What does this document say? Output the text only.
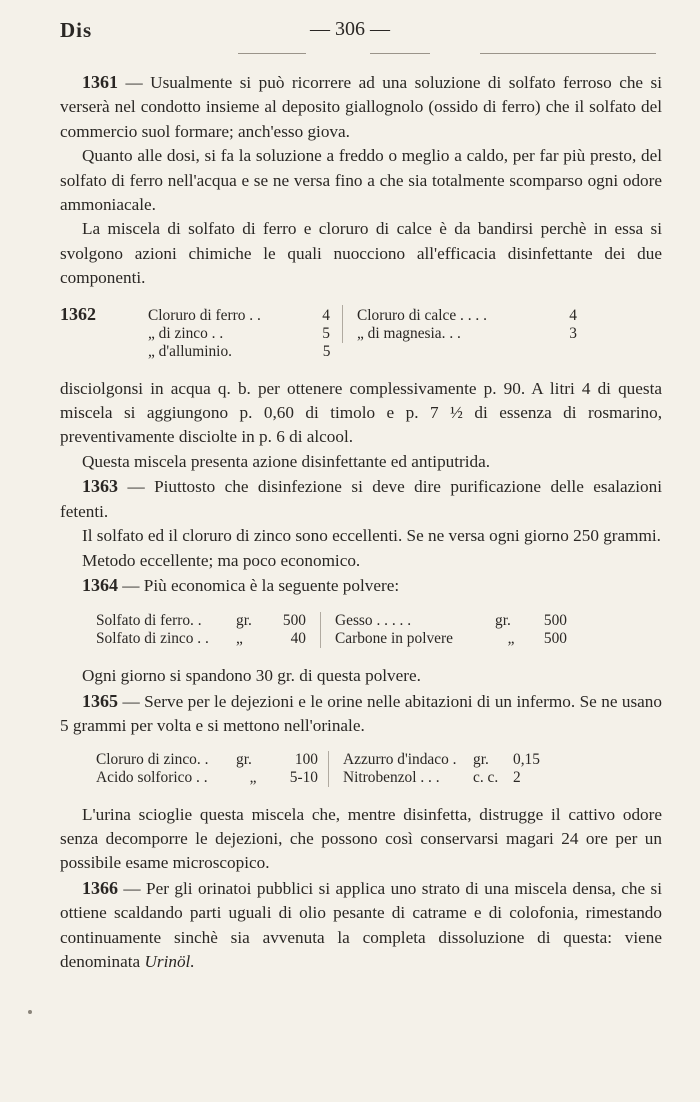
Dis	— 306 —

1361 — Usualmente si può ricorrere ad una soluzione di solfato ferroso che si verserà nel condotto insieme al deposito giallognolo (ossido di ferro) che il solfato del commercio suol formare; anch'esso giova.

Quanto alle dosi, si fa la soluzione a freddo o meglio a caldo, per far più presto, del solfato di ferro nell'acqua e se ne versa fino a che sia totalmente scomparso ogni odore ammoniacale.

La miscela di solfato di ferro e cloruro di calce è da bandirsi perchè in essa si svolgono azioni chimiche le quali nuocciono all'efficacia disinfettante dei due componenti.

1362	Cloruro di ferro . .	4	Cloruro di calce . . . .	4
	„ di zinco . .	5	„ di magnesia. . .	3
	„ d'alluminio.	5		

disciolgonsi in acqua q. b. per ottenere complessivamente p. 90. A litri 4 di questa miscela si aggiungono p. 0,60 di timolo e p. 7 ½ di essenza di rosmarino, preventivamente disciolte in p. 6 di alcool.

Questa miscela presenta azione disinfettante ed antiputrida.

1363 — Piuttosto che disinfezione si deve dire purificazione delle esalazioni fetenti.

Il solfato ed il cloruro di zinco sono eccellenti. Se ne versa ogni giorno 250 grammi.

Metodo eccellente; ma poco economico.

1364 — Più economica è la seguente polvere:

Solfato di ferro. .	gr.	500	Gesso . . . . .	gr.	500
Solfato di zinco . .	„	40	Carbone in polvere	„	500

Ogni giorno si spandono 30 gr. di questa polvere.

1365 — Serve per le dejezioni e le orine nelle abitazioni di un infermo. Se ne usano 5 grammi per volta e si mettono nell'orinale.

Cloruro di zinco. .	gr.	100	Azzurro d'indaco .	gr.	0,15
Acido solforico . .	„	5-10	Nitrobenzol . . .	c. c.	2

L'urina scioglie questa miscela che, mentre disinfetta, distrugge il cattivo odore senza decomporre le dejezioni, che possono così conservarsi magari 24 ore per un possibile esame microscopico.

1366 — Per gli orinatoi pubblici si applica uno strato di una miscela densa, che si ottiene scaldando parti uguali di olio pesante di catrame e di colofonia, rimestando continuamente sinchè sia avvenuta la completa dissoluzione di questa: viene denominata Urinöl.
